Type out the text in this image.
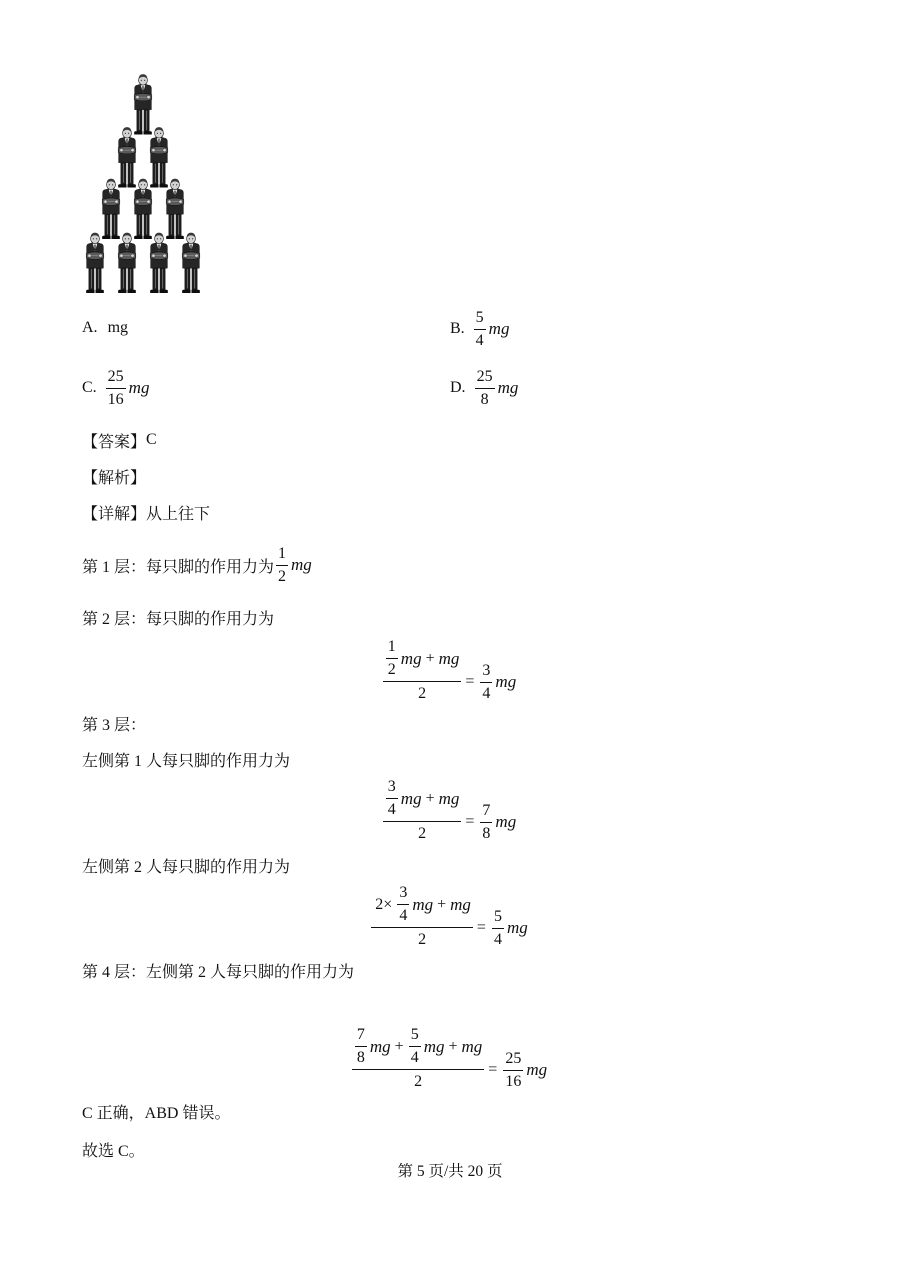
A. mg	B. $\frac{5}{4}$ mg
C. $\frac{25}{16}$ mg	D. $\frac{25}{8}$ mg
【答案】 C
【解析】
【详解】 从上往下
第 1 层：每只脚的作用力为 $\frac{1}{2}$ mg
第 2 层：每只脚的作用力为
$\frac{\frac{1}{2} mg + mg}{2} = \frac{3}{4}$ mg
第 3 层：
左侧第 1 人每只脚的作用力为
$\frac{\frac{3}{4} mg + mg}{2} = \frac{7}{8}$ mg
左侧第 2 人每只脚的作用力为
$\frac{2\times \frac{3}{4} mg + mg}{2} = \frac{5}{4}$ mg
第 4 层：左侧第 2 人每只脚的作用力为
$\frac{\frac{7}{8} mg + \frac{5}{4} mg + mg}{2} = \frac{25}{16}$ mg
C 正确，ABD 错误。
故选 C。
第 5 页/共 20 页
